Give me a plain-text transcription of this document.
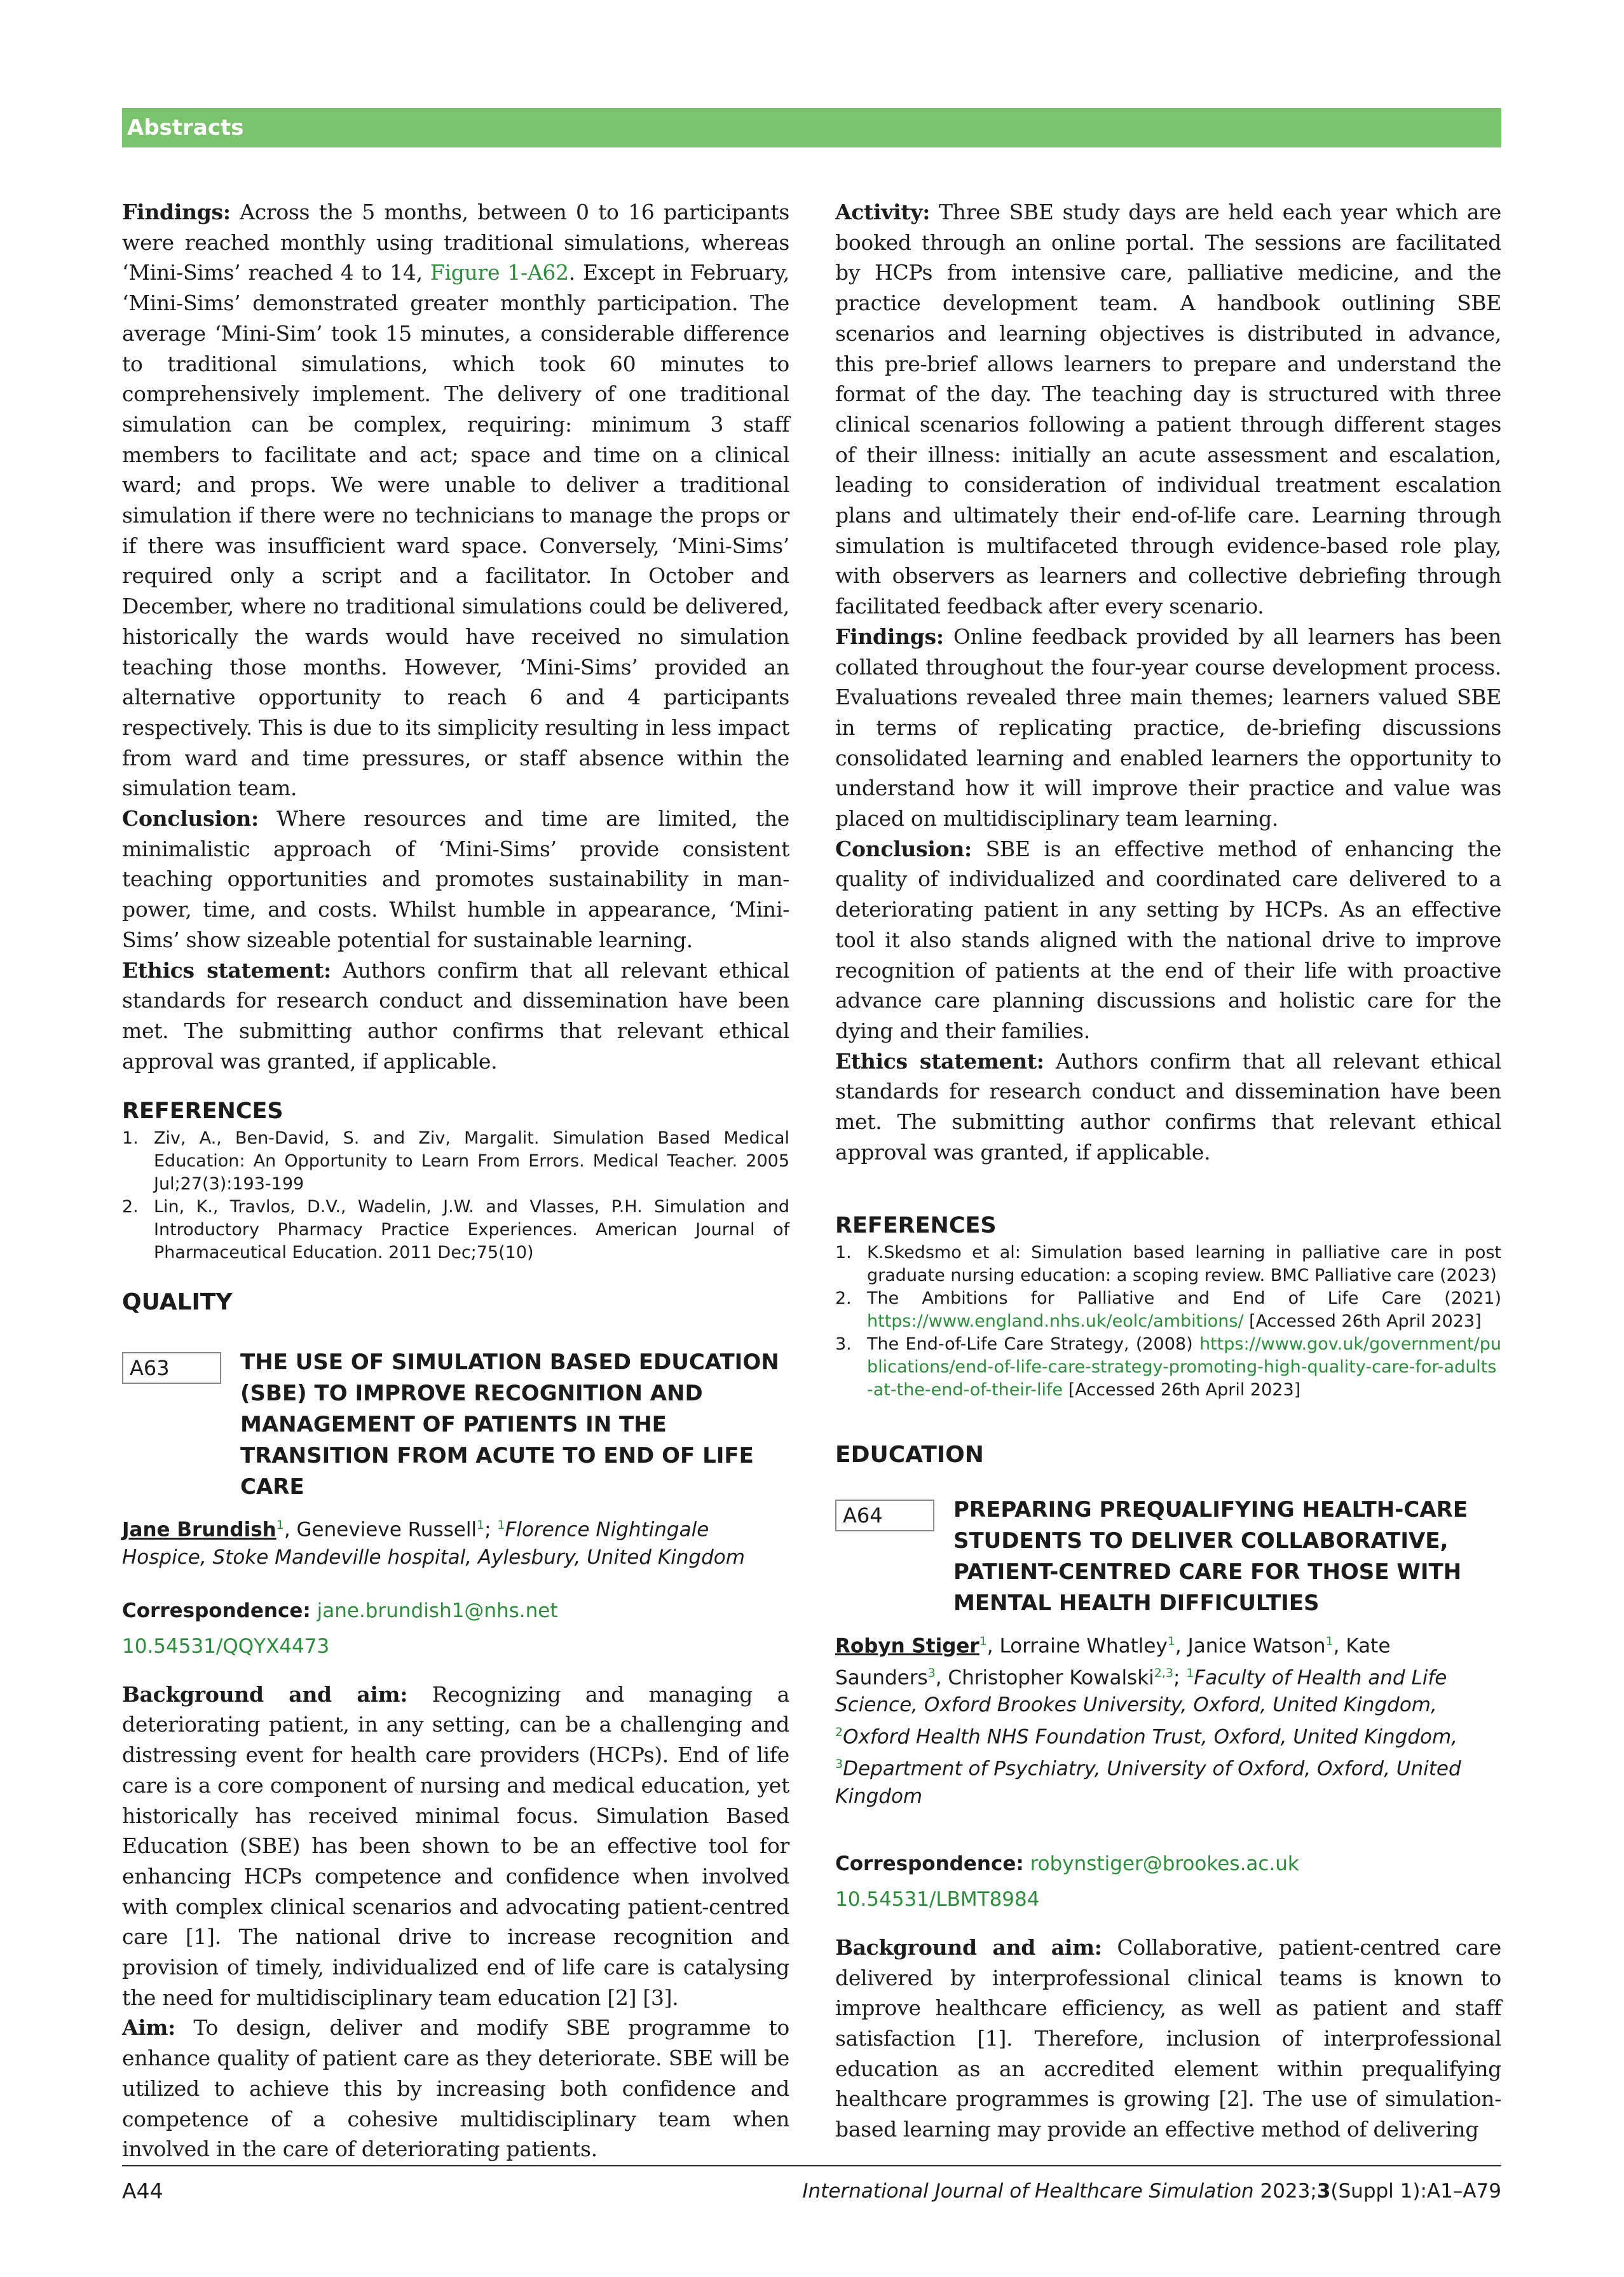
Abstracts

Findings: Across the 5 months, between 0 to 16 participants were reached monthly using traditional simulations, whereas ‘Mini-Sims’ reached 4 to 14, Figure 1-A62. Except in February, ‘Mini-Sims’ demonstrated greater monthly participation. The average ‘Mini-Sim’ took 15 minutes, a considerable difference to traditional simulations, which took 60 minutes to comprehensively implement. The delivery of one traditional simulation can be complex, requiring: minimum 3 staff members to facilitate and act; space and time on a clinical ward; and props. We were unable to deliver a traditional simulation if there were no technicians to manage the props or if there was insufficient ward space. Conversely, ‘Mini-Sims’ required only a script and a facilitator. In October and December, where no traditional simulations could be delivered, historically the wards would have received no simulation teaching those months. However, ‘Mini-Sims’ provided an alternative opportunity to reach 6 and 4 participants respectively. This is due to its simplicity resulting in less impact from ward and time pressures, or staff absence within the simulation team.

Conclusion: Where resources and time are limited, the minimalistic approach of ‘Mini-Sims’ provide consistent teaching opportunities and promotes sustainability in man-power, time, and costs. Whilst humble in appearance, ‘Mini-Sims’ show sizeable potential for sustainable learning.

Ethics statement: Authors confirm that all relevant ethical standards for research conduct and dissemination have been met. The submitting author confirms that relevant ethical approval was granted, if applicable.

REFERENCES

1. Ziv, A., Ben-David, S. and Ziv, Margalit. Simulation Based Medical Education: An Opportunity to Learn From Errors. Medical Teacher. 2005 Jul;27(3):193-199
2. Lin, K., Travlos, D.V., Wadelin, J.W. and Vlasses, P.H. Simulation and Introductory Pharmacy Practice Experiences. American Journal of Pharmaceutical Education. 2011 Dec;75(10)

QUALITY

A63	THE USE OF SIMULATION BASED EDUCATION (SBE) TO IMPROVE RECOGNITION AND MANAGEMENT OF PATIENTS IN THE TRANSITION FROM ACUTE TO END OF LIFE CARE

Jane Brundish$^1$, Genevieve Russell$^1$; $^1$Florence Nightingale Hospice, Stoke Mandeville hospital, Aylesbury, United Kingdom

Correspondence: jane.brundish1@nhs.net

10.54531/QQYX4473

Background and aim: Recognizing and managing a deteriorating patient, in any setting, can be a challenging and distressing event for health care providers (HCPs). End of life care is a core component of nursing and medical education, yet historically has received minimal focus. Simulation Based Education (SBE) has been shown to be an effective tool for enhancing HCPs competence and confidence when involved with complex clinical scenarios and advocating patient-centred care [1]. The national drive to increase recognition and provision of timely, individualized end of life care is catalysing the need for multidisciplinary team education [2] [3].

Aim: To design, deliver and modify SBE programme to enhance quality of patient care as they deteriorate. SBE will be utilized to achieve this by increasing both confidence and competence of a cohesive multidisciplinary team when involved in the care of deteriorating patients.

Activity: Three SBE study days are held each year which are booked through an online portal. The sessions are facilitated by HCPs from intensive care, palliative medicine, and the practice development team. A handbook outlining SBE scenarios and learning objectives is distributed in advance, this pre-brief allows learners to prepare and understand the format of the day. The teaching day is structured with three clinical scenarios following a patient through different stages of their illness: initially an acute assessment and escalation, leading to consideration of individual treatment escalation plans and ultimately their end-of-life care. Learning through simulation is multifaceted through evidence-based role play, with observers as learners and collective debriefing through facilitated feedback after every scenario.

Findings: Online feedback provided by all learners has been collated throughout the four-year course development process. Evaluations revealed three main themes; learners valued SBE in terms of replicating practice, de-briefing discussions consolidated learning and enabled learners the opportunity to understand how it will improve their practice and value was placed on multidisciplinary team learning.

Conclusion: SBE is an effective method of enhancing the quality of individualized and coordinated care delivered to a deteriorating patient in any setting by HCPs. As an effective tool it also stands aligned with the national drive to improve recognition of patients at the end of their life with proactive advance care planning discussions and holistic care for the dying and their families.

Ethics statement: Authors confirm that all relevant ethical standards for research conduct and dissemination have been met. The submitting author confirms that relevant ethical approval was granted, if applicable.

REFERENCES

1. K.Skedsmo et al: Simulation based learning in palliative care in post graduate nursing education: a scoping review. BMC Palliative care (2023)
2. The Ambitions for Palliative and End of Life Care (2021) https://www.england.nhs.uk/eolc/ambitions/ [Accessed 26th April 2023]
3. The End-of-Life Care Strategy, (2008) https://www.gov.uk/government/publications/end-of-life-care-strategy-promoting-high-quality-care-for-adults-at-the-end-of-their-life [Accessed 26th April 2023]

EDUCATION

A64	PREPARING PREQUALIFYING HEALTH-CARE STUDENTS TO DELIVER COLLABORATIVE, PATIENT-CENTRED CARE FOR THOSE WITH MENTAL HEALTH DIFFICULTIES

Robyn Stiger$^1$, Lorraine Whatley$^1$, Janice Watson$^1$, Kate Saunders$^3$, Christopher Kowalski$^{2,3}$; $^1$Faculty of Health and Life Science, Oxford Brookes University, Oxford, United Kingdom, $^2$Oxford Health NHS Foundation Trust, Oxford, United Kingdom, $^3$Department of Psychiatry, University of Oxford, Oxford, United Kingdom

Correspondence: robynstiger@brookes.ac.uk

10.54531/LBMT8984

Background and aim: Collaborative, patient-centred care delivered by interprofessional clinical teams is known to improve healthcare efficiency, as well as patient and staff satisfaction [1]. Therefore, inclusion of interprofessional education as an accredited element within prequalifying healthcare programmes is growing [2]. The use of simulation-based learning may provide an effective method of delivering

A44	International Journal of Healthcare Simulation 2023;3(Suppl 1):A1–A79
